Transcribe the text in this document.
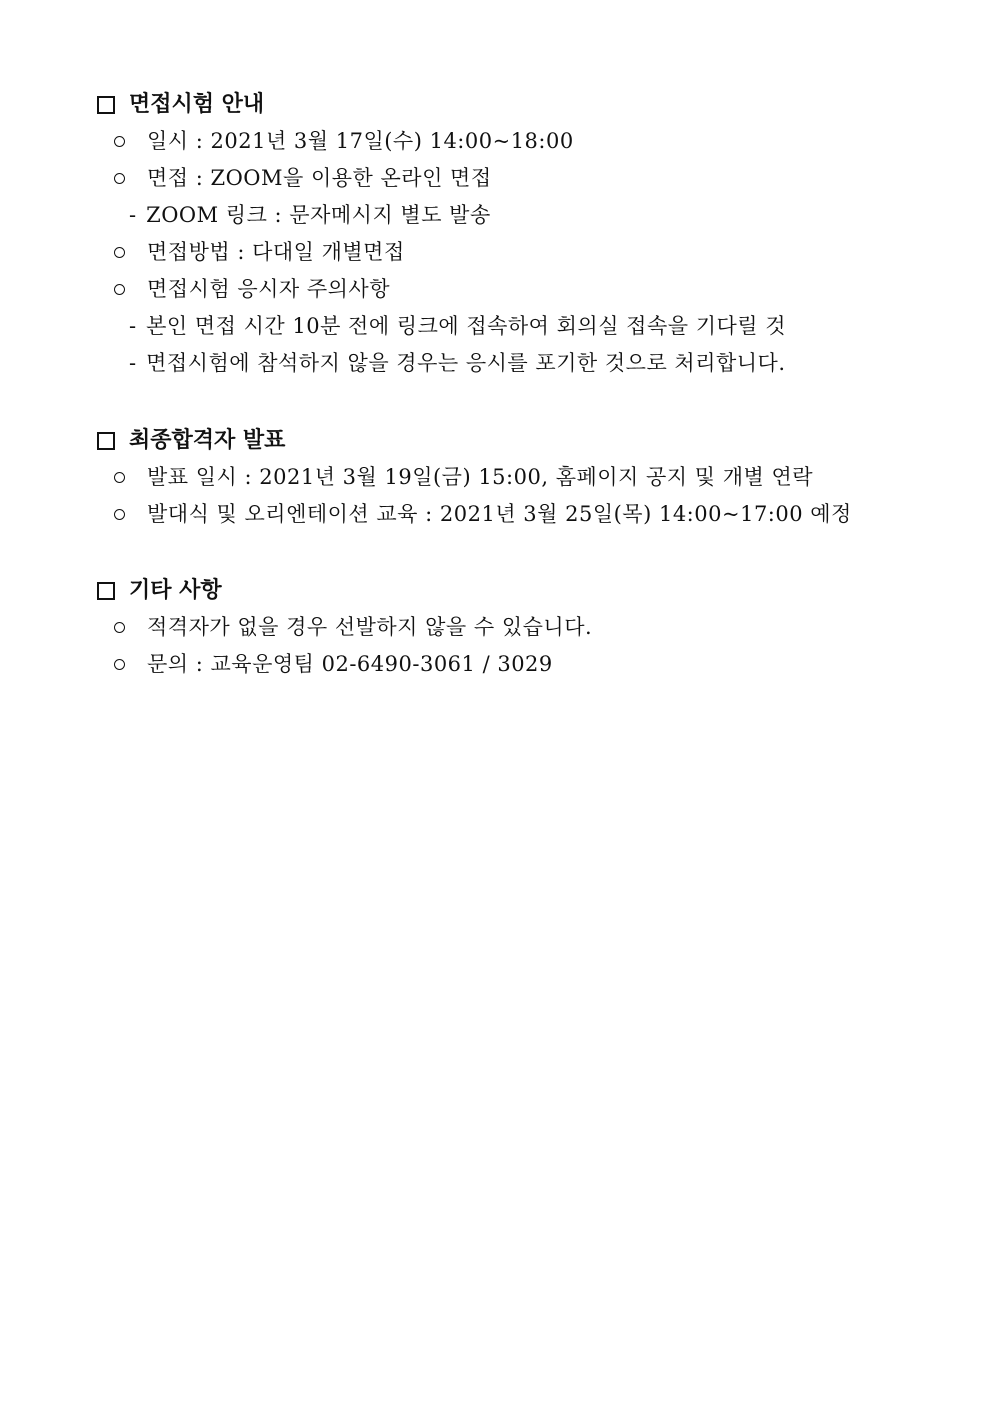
면접시험 안내
일시 : 2021년 3월 17일(수) 14:00~18:00
면접 : ZOOM을 이용한 온라인 면접
- ZOOM 링크 : 문자메시지 별도 발송
면접방법 : 다대일 개별면접
면접시험 응시자 주의사항
- 본인 면접 시간 10분 전에 링크에 접속하여 회의실 접속을 기다릴 것
- 면접시험에 참석하지 않을 경우는 응시를 포기한 것으로 처리합니다.
최종합격자 발표
발표 일시 : 2021년 3월 19일(금) 15:00, 홈페이지 공지 및 개별 연락
발대식 및 오리엔테이션 교육 : 2021년 3월 25일(목) 14:00~17:00 예정
기타 사항
적격자가 없을 경우 선발하지 않을 수 있습니다.
문의 : 교육운영팀 02-6490-3061 / 3029
